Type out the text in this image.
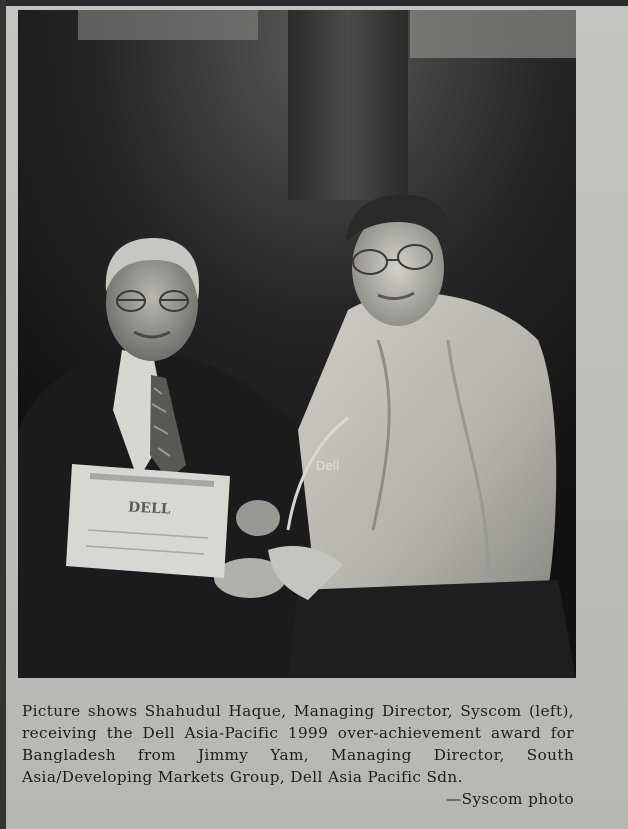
Dell
DELL
Picture shows Shahudul Haque, Managing Director, Syscom (left), receiving the Dell Asia-Pacific 1999 over-achievement award for Bangladesh from Jimmy Yam, Managing Director, South Asia/Developing Markets Group, Dell Asia Pacific Sdn.
—Syscom photo
